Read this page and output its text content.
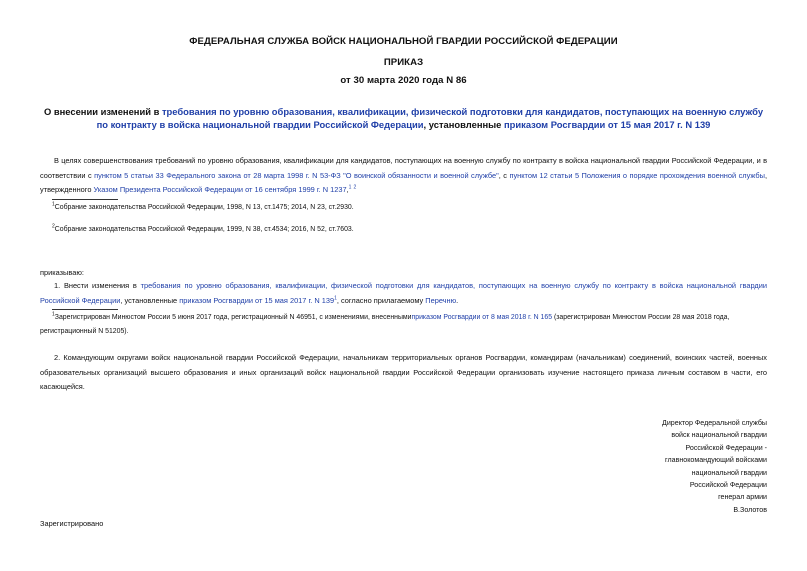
ФЕДЕРАЛЬНАЯ СЛУЖБА ВОЙСК НАЦИОНАЛЬНОЙ ГВАРДИИ РОССИЙСКОЙ ФЕДЕРАЦИИ
ПРИКАЗ
от 30 марта 2020 года N 86
О внесении изменений в требования по уровню образования, квалификации, физической подготовки для кандидатов, поступающих на военную службу по контракту в войска национальной гвардии Российской Федерации, установленные приказом Росгвардии от 15 мая 2017 г. N 139
В целях совершенствования требований по уровню образования, квалификации для кандидатов, поступающих на военную службу по контракту в войска национальной гвардии Российской Федерации, и в соответствии с пунктом 5 статьи 33 Федерального закона от 28 марта 1998 г. N 53-ФЗ "О воинской обязанности и военной службе", с пунктом 12 статьи 5 Положения о порядке прохождения военной службы, утвержденного Указом Президента Российской Федерации от 16 сентября 1999 г. N 1237,$^1$ $^2$
$^1$Собрание законодательства Российской Федерации, 1998, N 13, ст.1475; 2014, N 23, ст.2930.
$^2$Собрание законодательства Российской Федерации, 1999, N 38, ст.4534; 2016, N 52, ст.7603.
приказываю:
1. Внести изменения в требования по уровню образования, квалификации, физической подготовки для кандидатов, поступающих на военную службу по контракту в войска национальной гвардии Российской Федерации, установленные приказом Росгвардии от 15 мая 2017 г. N $139^1$, согласно прилагаемому Перечню.
$^1$Зарегистрирован Минюстом России 5 июня 2017 года, регистрационный N 46951, с изменениями, внесеннымиприказом Росгвардии от 8 мая 2018 г. N 165 (зарегистрирован Минюстом России 28 мая 2018 года, регистрационный N 51205).
2. Командующим округами войск национальной гвардии Российской Федерации, начальникам территориальных органов Росгвардии, командирам (начальникам) соединений, воинских частей, военных образовательных организаций высшего образования и иных организаций войск национальной гвардии Российской Федерации организовать изучение настоящего приказа личным составом в части, его касающейся.
Директор Федеральной службы
войск национальной гвардии
Российской Федерации -
главнокомандующий войсками
национальной гвардии
Российской Федерации
генерал армии
В.Золотов
Зарегистрировано
